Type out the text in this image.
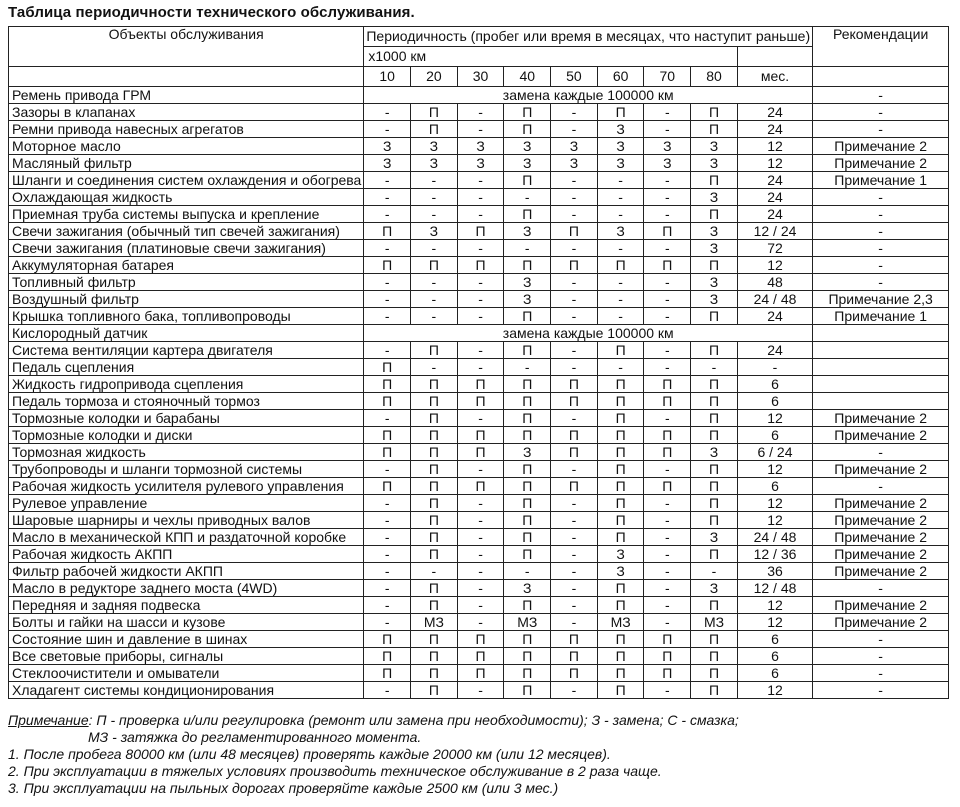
Таблица периодичности технического обслуживания.
Объекты обслуживания	Периодичность (пробег или время в месяцах, что наступит раньше)									Рекомендации
	x1000 км									
	10	20	30	40	50	60	70	80	мес.	
Ремень привода ГРМ	замена каждые 100000 км									-
Зазоры в клапанах	-	П	-	П	-	П	-	П	24	-
Ремни привода навесных агрегатов	-	П	-	П	-	З	-	П	24	-
Моторное масло	З	З	З	З	З	З	З	З	12	Примечание 2
Масляный фильтр	З	З	З	З	З	З	З	З	12	Примечание 2
Шланги и соединения систем охлаждения и обогрева	-	-	-	П	-	-	-	П	24	Примечание 1
Охлаждающая жидкость	-	-	-	-	-	-	-	З	24	-
Приемная труба системы выпуска и крепление	-	-	-	П	-	-	-	П	24	-
Свечи зажигания (обычный тип свечей зажигания)	П	З	П	З	П	З	П	З	12 / 24	-
Свечи зажигания (платиновые свечи зажигания)	-	-	-	-	-	-	-	З	72	-
Аккумуляторная батарея	П	П	П	П	П	П	П	П	12	-
Топливный фильтр	-	-	-	З	-	-	-	З	48	-
Воздушный фильтр	-	-	-	З	-	-	-	З	24 / 48	Примечание 2,3
Крышка топливного бака, топливопроводы	-	-	-	П	-	-	-	П	24	Примечание 1
Кислородный датчик	замена каждые 100000 км									
Система вентиляции картера двигателя	-	П	-	П	-	П	-	П	24	
Педаль сцепления	П	-	-	-	-	-	-	-	-	
Жидкость гидропривода сцепления	П	П	П	П	П	П	П	П	6	
Педаль тормоза и стояночный тормоз	П	П	П	П	П	П	П	П	6	
Тормозные колодки и барабаны	-	П	-	П	-	П	-	П	12	Примечание 2
Тормозные колодки и диски	П	П	П	П	П	П	П	П	6	Примечание 2
Тормозная жидкость	П	П	П	З	П	П	П	З	6 / 24	-
Трубопроводы и шланги тормозной системы	-	П	-	П	-	П	-	П	12	Примечание 2
Рабочая жидкость усилителя рулевого управления	П	П	П	П	П	П	П	П	6	-
Рулевое управление	-	П	-	П	-	П	-	П	12	Примечание 2
Шаровые шарниры и чехлы приводных валов	-	П	-	П	-	П	-	П	12	Примечание 2
Масло в механической КПП и раздаточной коробке	-	П	-	П	-	П	-	З	24 / 48	Примечание 2
Рабочая жидкость АКПП	-	П	-	П	-	З	-	П	12 / 36	Примечание 2
Фильтр рабочей жидкости АКПП	-	-	-	-	-	З	-	-	36	Примечание 2
Масло в редукторе заднего моста (4WD)	-	П	-	З	-	П	-	З	12 / 48	-
Передняя и задняя подвеска	-	П	-	П	-	П	-	П	12	Примечание 2
Болты и гайки на шасси и кузове	-	МЗ	-	МЗ	-	МЗ	-	МЗ	12	Примечание 2
Состояние шин и давление в шинах	П	П	П	П	П	П	П	П	6	-
Все световые приборы, сигналы	П	П	П	П	П	П	П	П	6	-
Стеклоочистители и омыватели	П	П	П	П	П	П	П	П	6	-
Хладагент системы кондиционирования	-	П	-	П	-	П	-	П	12	-

Примечание: П - проверка и/или регулировка (ремонт или замена при необходимости); З - замена; С - смазка;

МЗ - затяжка до регламентированного момента.

1. После пробега 80000 км (или 48 месяцев) проверять каждые 20000 км (или 12 месяцев).

2. При эксплуатации в тяжелых условиях производить техническое обслуживание в 2 раза чаще.

3. При эксплуатации на пыльных дорогах проверяйте каждые 2500 км (или 3 мес.)
